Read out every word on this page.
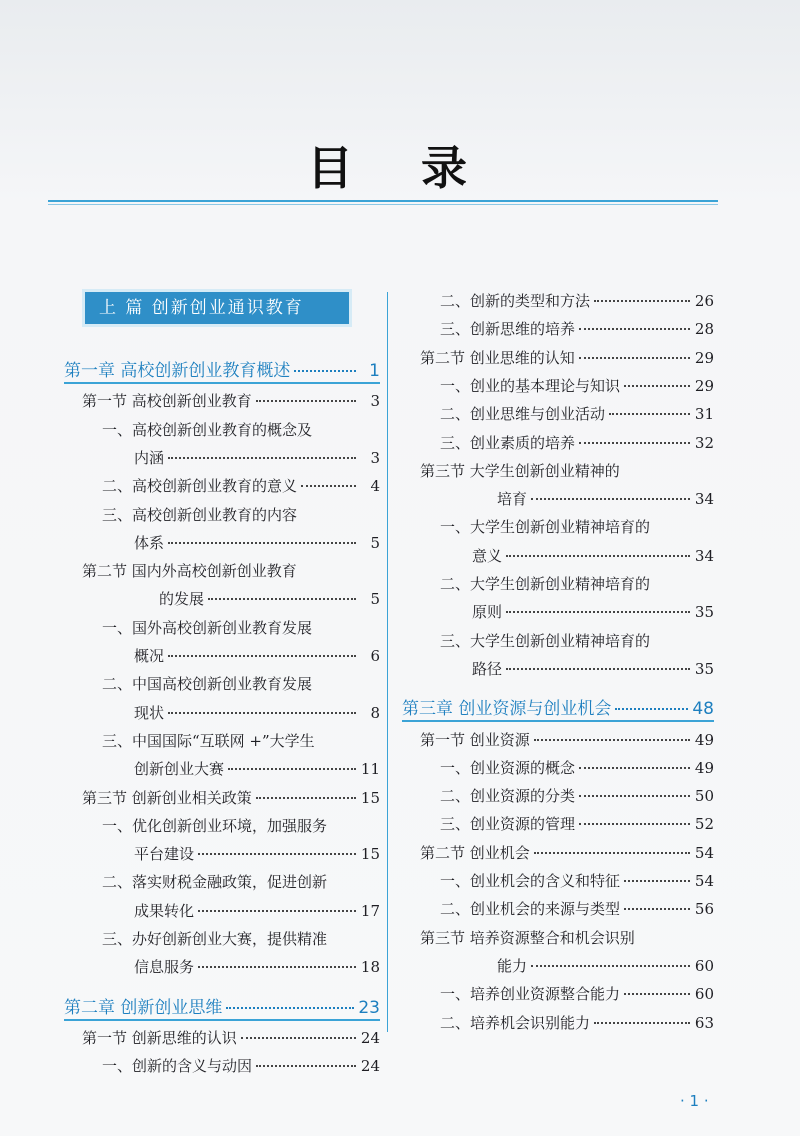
目 录
上 篇 创新创业通识教育
第一章 高校创新创业教育概述	1
第一节 高校创新创业教育	3
一、高校创新创业教育的概念及
内涵	3
二、高校创新创业教育的意义	4
三、高校创新创业教育的内容
体系	5
第二节 国内外高校创新创业教育
的发展	5
一、国外高校创新创业教育发展
概况	6
二、中国高校创新创业教育发展
现状	8
三、中国国际“互联网 +”大学生
创新创业大赛	11
第三节 创新创业相关政策	15
一、优化创新创业环境，加强服务
平台建设	15
二、落实财税金融政策，促进创新
成果转化	17
三、办好创新创业大赛，提供精准
信息服务	18
第二章 创新创业思维	23
第一节 创新思维的认识	24
一、创新的含义与动因	24
二、创新的类型和方法	26
三、创新思维的培养	28
第二节 创业思维的认知	29
一、创业的基本理论与知识	29
二、创业思维与创业活动	31
三、创业素质的培养	32
第三节 大学生创新创业精神的
培育	34
一、大学生创新创业精神培育的
意义	34
二、大学生创新创业精神培育的
原则	35
三、大学生创新创业精神培育的
路径	35
第三章 创业资源与创业机会	48
第一节 创业资源	49
一、创业资源的概念	49
二、创业资源的分类	50
三、创业资源的管理	52
第二节 创业机会	54
一、创业机会的含义和特征	54
二、创业机会的来源与类型	56
第三节 培养资源整合和机会识别
能力	60
一、培养创业资源整合能力	60
二、培养机会识别能力	63
· 1 ·
